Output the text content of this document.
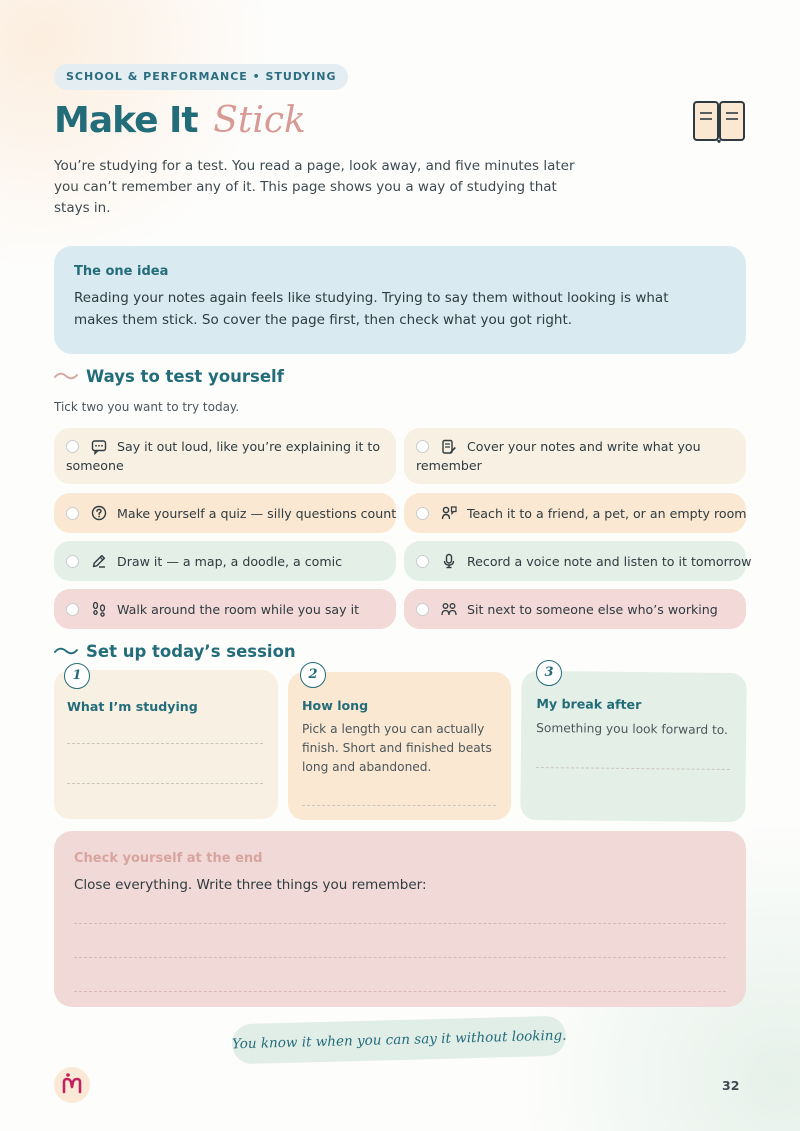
SCHOOL & PERFORMANCE • STUDYING
Make It Stick

You’re studying for a test. You read a page, look away, and five minutes later you can’t remember any of it. This page shows you a way of studying that stays in.

The one idea
Reading your notes again feels like studying. Trying to say them without looking is what makes them stick. So cover the page first, then check what you got right.
Ways to test yourself
Tick two you want to try today.
Say it out loud, like you’re explaining it to
someone
Cover your notes and write what you
remember
Make yourself a quiz — silly questions count	Teach it to a friend, a pet, or an empty room
Draw it — a map, a doodle, a comic	Record a voice note and listen to it tomorrow
Walk around the room while you say it	Sit next to someone else who’s working
Set up today’s session
What I’m studying
1
How long
Pick a length you can actually finish. Short and finished beats long and abandoned.
2
My break after
Something you look forward to.
3
Check yourself at the end
Close everything. Write three things you remember:
You know it when you can say it without looking.
32
